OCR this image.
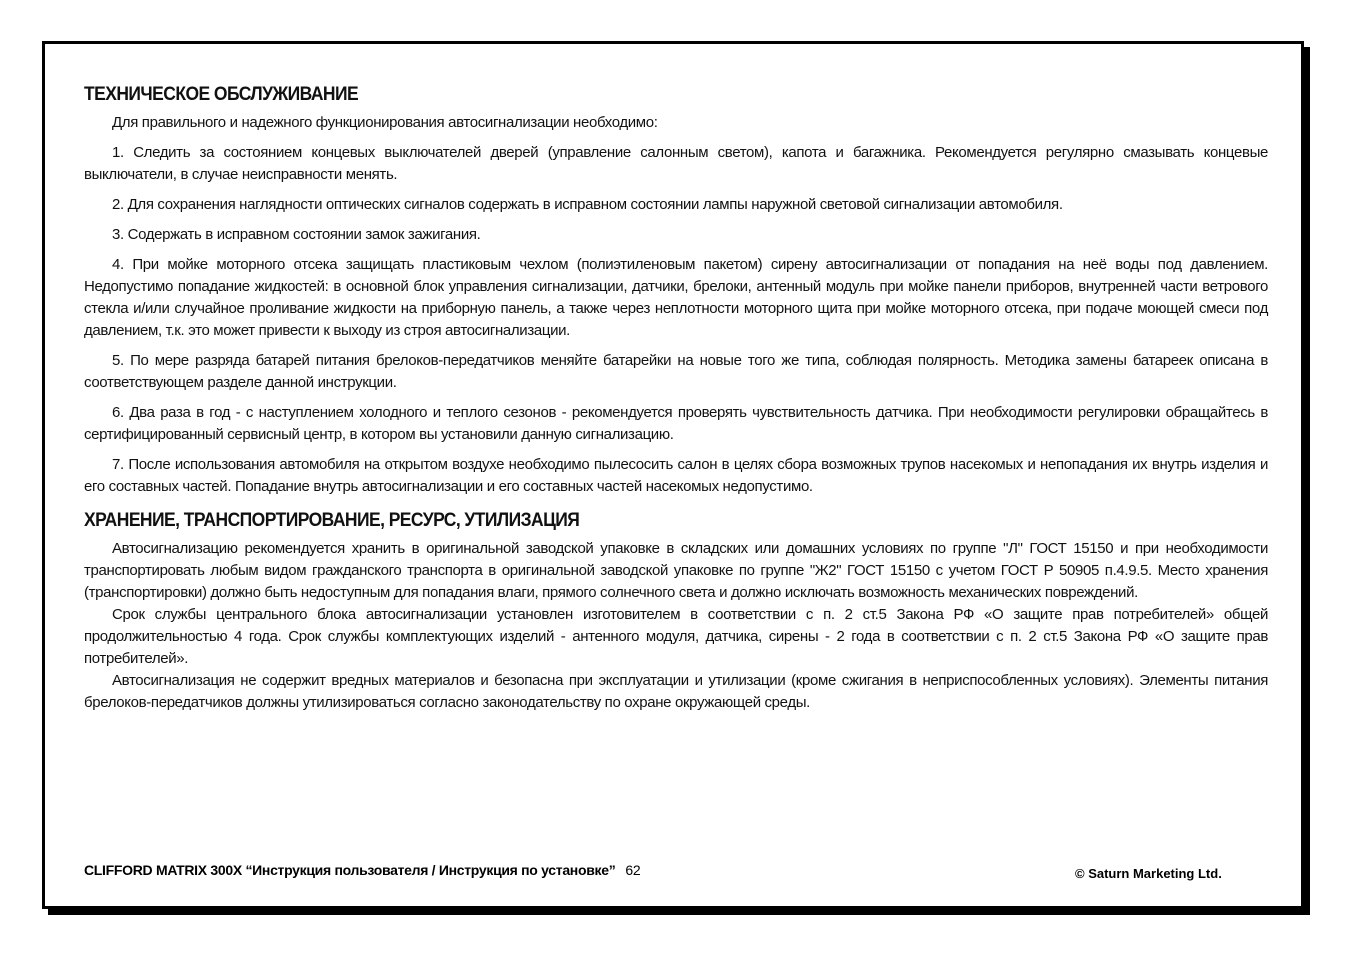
ТЕХНИЧЕСКОЕ ОБСЛУЖИВАНИЕ

Для правильного и надежного функционирования автосигнализации необходимо:

1. Следить за состоянием концевых выключателей дверей (управление салонным светом), капота и багажника. Рекомендуется регулярно смазывать концевые выключатели, в случае неисправности менять.

2. Для сохранения наглядности оптических сигналов содержать в исправном состоянии лампы наружной световой сигнализации автомобиля.

3. Содержать в исправном состоянии замок зажигания.

4. При мойке моторного отсека защищать пластиковым чехлом (полиэтиленовым пакетом) сирену автосигнализации от попадания на неё воды под давлением. Недопустимо попадание жидкостей: в основной блок управления сигнализации, датчики, брелоки, антенный модуль при мойке панели приборов, внутренней части ветрового стекла и/или случайное проливание жидкости на приборную панель, а также через неплотности моторного щита при мойке моторного отсека, при подаче моющей смеси под давлением, т.к. это может привести к выходу из строя автосигнализации.

5. По мере разряда батарей питания брелоков-передатчиков меняйте батарейки на новые того же типа, соблюдая полярность. Методика замены батареек описана в соответствующем разделе данной инструкции.

6. Два раза в год - с наступлением холодного и теплого сезонов - рекомендуется проверять чувствительность датчика. При необходимости регулировки обращайтесь в сертифицированный сервисный центр, в котором вы установили данную сигнализацию.

7. После использования автомобиля на открытом воздухе необходимо пылесосить салон в целях сбора возможных трупов насекомых и непопадания их внутрь изделия и его составных частей. Попадание внутрь автосигнализации и его составных частей насекомых недопустимо.

ХРАНЕНИЕ, ТРАНСПОРТИРОВАНИЕ, РЕСУРС, УТИЛИЗАЦИЯ

Автосигнализацию рекомендуется хранить в оригинальной заводской упаковке в складских или домашних условиях по группе "Л" ГОСТ 15150 и при необходимости транспортировать любым видом гражданского транспорта в оригинальной заводской упаковке по группе "Ж2" ГОСТ 15150 с учетом ГОСТ Р 50905 п.4.9.5. Место хранения (транспортировки) должно быть недоступным для попадания влаги, прямого солнечного света и должно исключать возможность механических повреждений.

Срок службы центрального блока автосигнализации установлен изготовителем в соответствии с п. 2 ст.5 Закона РФ «О защите прав потребителей» общей продолжительностью 4 года. Срок службы комплектующих изделий - антенного модуля, датчика, сирены - 2 года в соответствии с п. 2 ст.5 Закона РФ «О защите прав потребителей».

Автосигнализация не содержит вредных материалов и безопасна при эксплуатации и утилизации (кроме сжигания в неприспособленных условиях). Элементы питания брелоков-передатчиков должны утилизироваться согласно законодательству по охране окружающей среды.

CLIFFORD MATRIX 300X “Инструкция пользователя / Инструкция по установке” 62	© Saturn Marketing Ltd.
